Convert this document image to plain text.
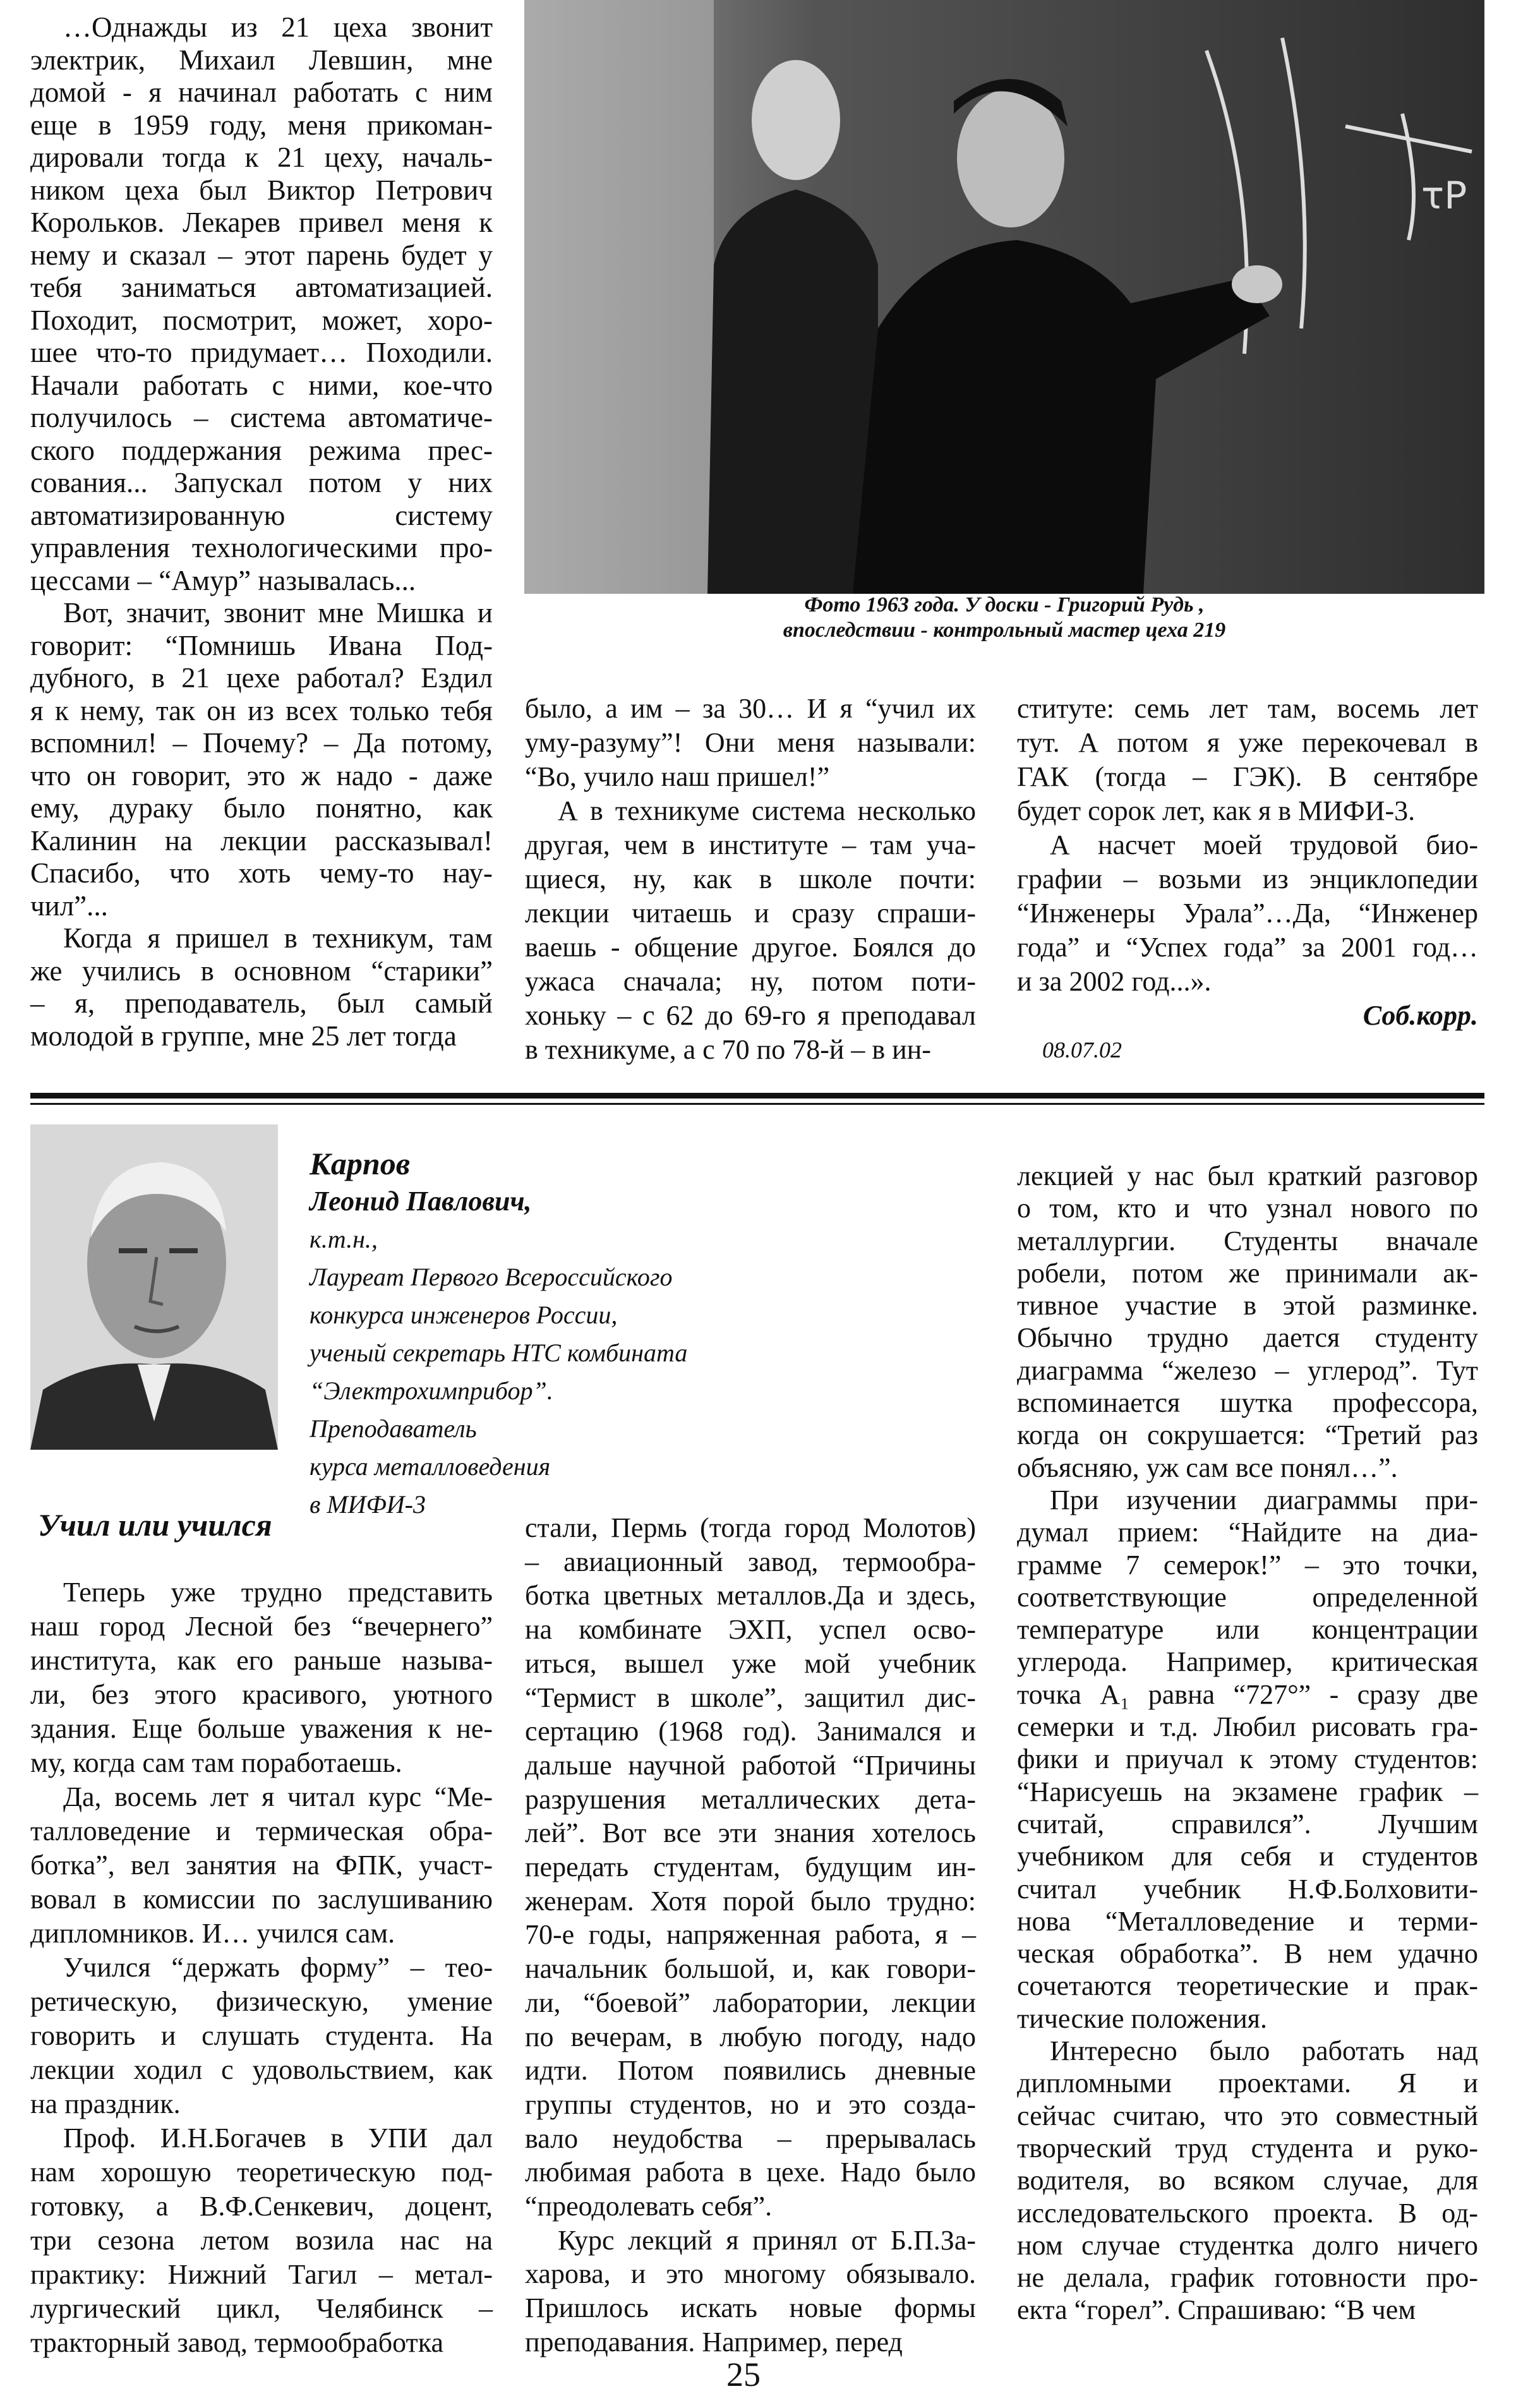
…Однажды из 21 цеха звонит
электрик, Михаил Левшин, мне
домой - я начинал работать с ним
еще в 1959 году, меня прикоман-
дировали тогда к 21 цеху, началь-
ником цеха был Виктор Петрович
Корольков. Лекарев привел меня к
нему и сказал – этот парень будет у
тебя заниматься автоматизацией.
Походит, посмотрит, может, хоро-
шее что-то придумает… Походили.
Начали работать с ними, кое-что
получилось – система автоматиче-
ского поддержания режима прес-
сования... Запускал потом у них
автоматизированную систему
управления технологическими про-
цессами – “Амур” называлась...
Вот, значит, звонит мне Мишка и
говорит: “Помнишь Ивана Под-
дубного, в 21 цехе работал? Ездил
я к нему, так он из всех только тебя
вспомнил! – Почему? – Да потому,
что он говорит, это ж надо - даже
ему, дураку было понятно, как
Калинин на лекции рассказывал!
Спасибо, что хоть чему-то нау-
чил”...
Когда я пришел в техникум, там
же учились в основном “старики”
– я, преподаватель, был самый
молодой в группе, мне 25 лет тогда
τP
Фото 1963 года. У доски - Григорий Рудь ,
впоследствии - контрольный мастер цеха 219
было, а им – за 30… И я “учил их
уму-разуму”! Они меня называли:
“Во, учило наш пришел!”
А в техникуме система несколько
другая, чем в институте – там уча-
щиеся, ну, как в школе почти:
лекции читаешь и сразу спраши-
ваешь - общение другое. Боялся до
ужаса сначала; ну, потом поти-
хоньку – с 62 до 69-го я преподавал
в техникуме, а с 70 по 78-й – в ин-
ституте: семь лет там, восемь лет
тут. А потом я уже перекочевал в
ГАК (тогда – ГЭК). В сентябре
будет сорок лет, как я в МИФИ-3.
А насчет моей трудовой био-
графии – возьми из энциклопедии
“Инженеры Урала”…Да, “Инженер
года” и “Успех года” за 2001 год…
и за 2002 год...».
Соб.корр.
08.07.02
Карпов
Леонид Павлович,
к.т.н.,
Лауреат Первого Всероссийского
конкурса инженеров России,
ученый секретарь НТС комбината
“Электрохимприбор”.
Преподаватель
курса металловедения
в МИФИ-3
Учил или учился
Теперь уже трудно представить
наш город Лесной без “вечернего”
института, как его раньше называ-
ли, без этого красивого, уютного
здания. Еще больше уважения к не-
му, когда сам там поработаешь.
Да, восемь лет я читал курс “Ме-
талловедение и термическая обра-
ботка”, вел занятия на ФПК, участ-
вовал в комиссии по заслушиванию
дипломников. И… учился сам.
Учился “держать форму” – тео-
ретическую, физическую, умение
говорить и слушать студента. На
лекции ходил с удовольствием, как
на праздник.
Проф. И.Н.Богачев в УПИ дал
нам хорошую теоретическую под-
готовку, а В.Ф.Сенкевич, доцент,
три сезона летом возила нас на
практику: Нижний Тагил – метал-
лургический цикл, Челябинск –
тракторный завод, термообработка
стали, Пермь (тогда город Молотов)
– авиационный завод, термообра-
ботка цветных металлов.Да и здесь,
на комбинате ЭХП, успел осво-
иться, вышел уже мой учебник
“Термист в школе”, защитил дис-
сертацию (1968 год). Занимался и
дальше научной работой “Причины
разрушения металлических дета-
лей”. Вот все эти знания хотелось
передать студентам, будущим ин-
женерам. Хотя порой было трудно:
70-е годы, напряженная работа, я –
начальник большой, и, как говори-
ли, “боевой” лаборатории, лекции
по вечерам, в любую погоду, надо
идти. Потом появились дневные
группы студентов, но и это созда-
вало неудобства – прерывалась
любимая работа в цехе. Надо было
“преодолевать себя”.
Курс лекций я принял от Б.П.За-
харова, и это многому обязывало.
Пришлось искать новые формы
преподавания. Например, перед
лекцией у нас был краткий разговор
о том, кто и что узнал нового по
металлургии. Студенты вначале
робели, потом же принимали ак-
тивное участие в этой разминке.
Обычно трудно дается студенту
диаграмма “железо – углерод”. Тут
вспоминается шутка профессора,
когда он сокрушается: “Третий раз
объясняю, уж сам все понял…”.
При изучении диаграммы при-
думал прием: “Найдите на диа-
грамме 7 семерок!” – это точки,
соответствующие определенной
температуре или концентрации
углерода. Например, критическая
точка A₁ равна “727°” - сразу две
семерки и т.д. Любил рисовать гра-
фики и приучал к этому студентов:
“Нарисуешь на экзамене график –
считай, справился”. Лучшим
учебником для себя и студентов
считал учебник Н.Ф.Болховити-
нова “Металловедение и терми-
ческая обработка”. В нем удачно
сочетаются теоретические и прак-
тические положения.
Интересно было работать над
дипломными проектами. Я и
сейчас считаю, что это совместный
творческий труд студента и руко-
водителя, во всяком случае, для
исследовательского проекта. В од-
ном случае студентка долго ничего
не делала, график готовности про-
екта “горел”. Спрашиваю: “В чем
25
